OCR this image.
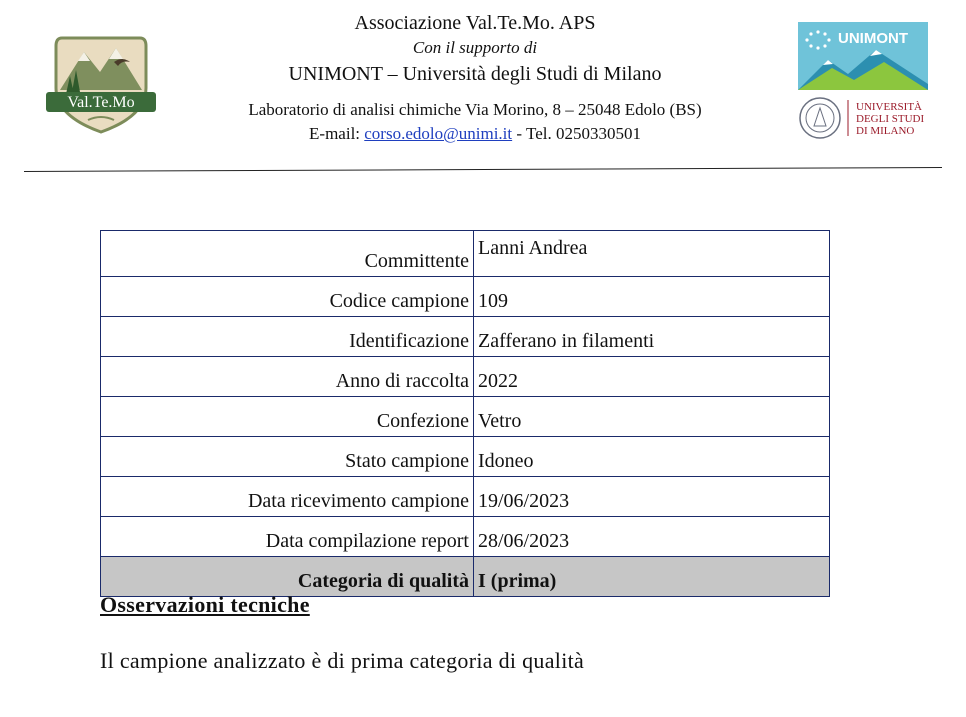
Val.Te.Mo
Associazione Val.Te.Mo. APS
Con il supporto di
UNIMONT – Università degli Studi di Milano
Laboratorio di analisi chimiche Via Morino, 8 – 25048 Edolo (BS)
E-mail: corso.edolo@unimi.it - Tel. 0250330501
UNIMONT
UNIVERSITÀ
DEGLI STUDI
DI MILANO
Committente	Lanni Andrea
Codice campione	109
Identificazione	Zafferano in filamenti
Anno di raccolta	2022
Confezione	Vetro
Stato campione	Idoneo
Data ricevimento campione	19/06/2023
Data compilazione report	28/06/2023
Categoria di qualità	I (prima)
Osservazioni tecniche
Il campione analizzato è di prima categoria di qualità
